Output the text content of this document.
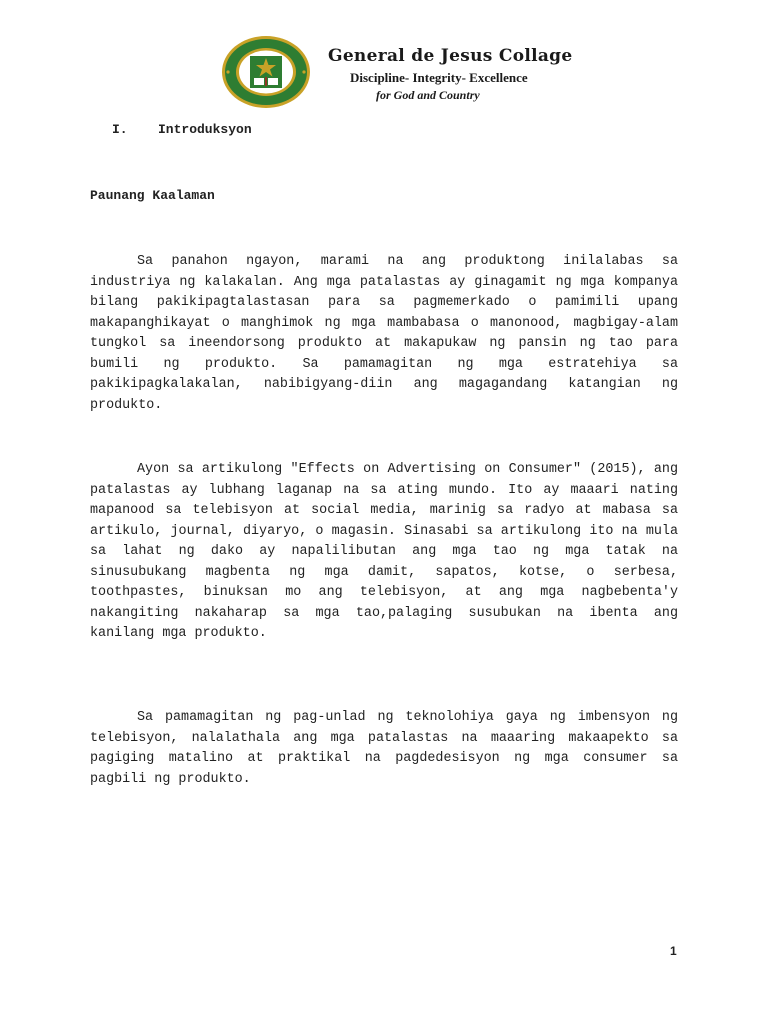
General de Jesus Collage
Discipline- Integrity- Excellence
for God and Country
I. Introduksyon
Paunang Kaalaman

Sa panahon ngayon, marami na ang produktong inilalabas sa industriya ng kalakalan. Ang mga patalastas ay ginagamit ng mga kompanya bilang pakikipagtalastasan para sa pagmemerkado o pamimili upang makapanghikayat o manghimok ng mga mambabasa o manonood, magbigay-alam tungkol sa ineendorsong produkto at makapukaw ng pansin ng tao para bumili ng produkto. Sa pamamagitan ng mga estratehiya sa pakikipagkalakalan, nabibigyang-diin ang magagandang katangian ng produkto.

Ayon sa artikulong "Effects on Advertising on Consumer" (2015), ang patalastas ay lubhang laganap na sa ating mundo. Ito ay maaari nating mapanood sa telebisyon at social media, marinig sa radyo at mabasa sa artikulo, journal, diyaryo, o magasin. Sinasabi sa artikulong ito na mula sa lahat ng dako ay napalilibutan ang mga tao ng mga tatak na sinusubukang magbenta ng mga damit, sapatos, kotse, o serbesa, toothpastes, binuksan mo ang telebisyon, at ang mga nagbebenta'y nakangiting nakaharap sa mga tao,palaging susubukan na ibenta ang kanilang mga produkto.

Sa pamamagitan ng pag-unlad ng teknolohiya gaya ng imbensyon ng telebisyon, nalalathala ang mga patalastas na maaaring makaapekto sa pagiging matalino at praktikal na pagdedesisyon ng mga consumer sa pagbili ng produkto.

1
